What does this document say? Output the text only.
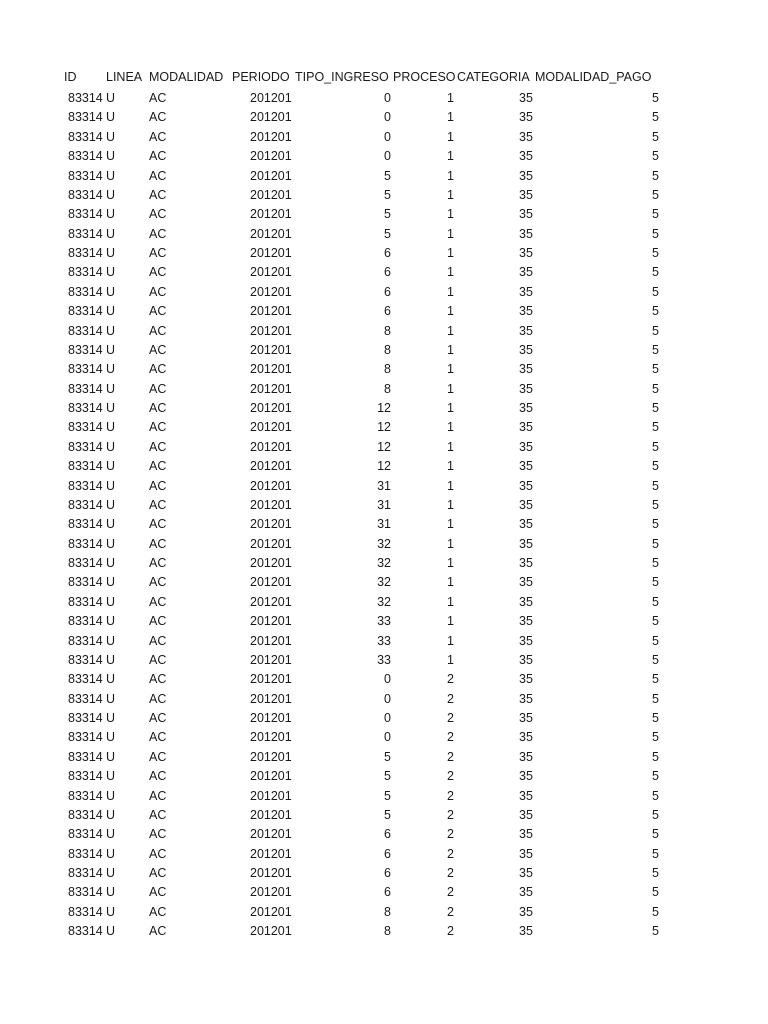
ID LINEA MODALIDAD PERIODO TIPO_INGRESO PROCESO CATEGORIA MODALIDAD_PAGO
83314 U	AC	201201	0	1	35	5
83314 U	AC	201201	0	1	35	5
83314 U	AC	201201	0	1	35	5
83314 U	AC	201201	0	1	35	5
83314 U	AC	201201	5	1	35	5
83314 U	AC	201201	5	1	35	5
83314 U	AC	201201	5	1	35	5
83314 U	AC	201201	5	1	35	5
83314 U	AC	201201	6	1	35	5
83314 U	AC	201201	6	1	35	5
83314 U	AC	201201	6	1	35	5
83314 U	AC	201201	6	1	35	5
83314 U	AC	201201	8	1	35	5
83314 U	AC	201201	8	1	35	5
83314 U	AC	201201	8	1	35	5
83314 U	AC	201201	8	1	35	5
83314 U	AC	201201	12	1	35	5
83314 U	AC	201201	12	1	35	5
83314 U	AC	201201	12	1	35	5
83314 U	AC	201201	12	1	35	5
83314 U	AC	201201	31	1	35	5
83314 U	AC	201201	31	1	35	5
83314 U	AC	201201	31	1	35	5
83314 U	AC	201201	32	1	35	5
83314 U	AC	201201	32	1	35	5
83314 U	AC	201201	32	1	35	5
83314 U	AC	201201	32	1	35	5
83314 U	AC	201201	33	1	35	5
83314 U	AC	201201	33	1	35	5
83314 U	AC	201201	33	1	35	5
83314 U	AC	201201	0	2	35	5
83314 U	AC	201201	0	2	35	5
83314 U	AC	201201	0	2	35	5
83314 U	AC	201201	0	2	35	5
83314 U	AC	201201	5	2	35	5
83314 U	AC	201201	5	2	35	5
83314 U	AC	201201	5	2	35	5
83314 U	AC	201201	5	2	35	5
83314 U	AC	201201	6	2	35	5
83314 U	AC	201201	6	2	35	5
83314 U	AC	201201	6	2	35	5
83314 U	AC	201201	6	2	35	5
83314 U	AC	201201	8	2	35	5
83314 U	AC	201201	8	2	35	5
